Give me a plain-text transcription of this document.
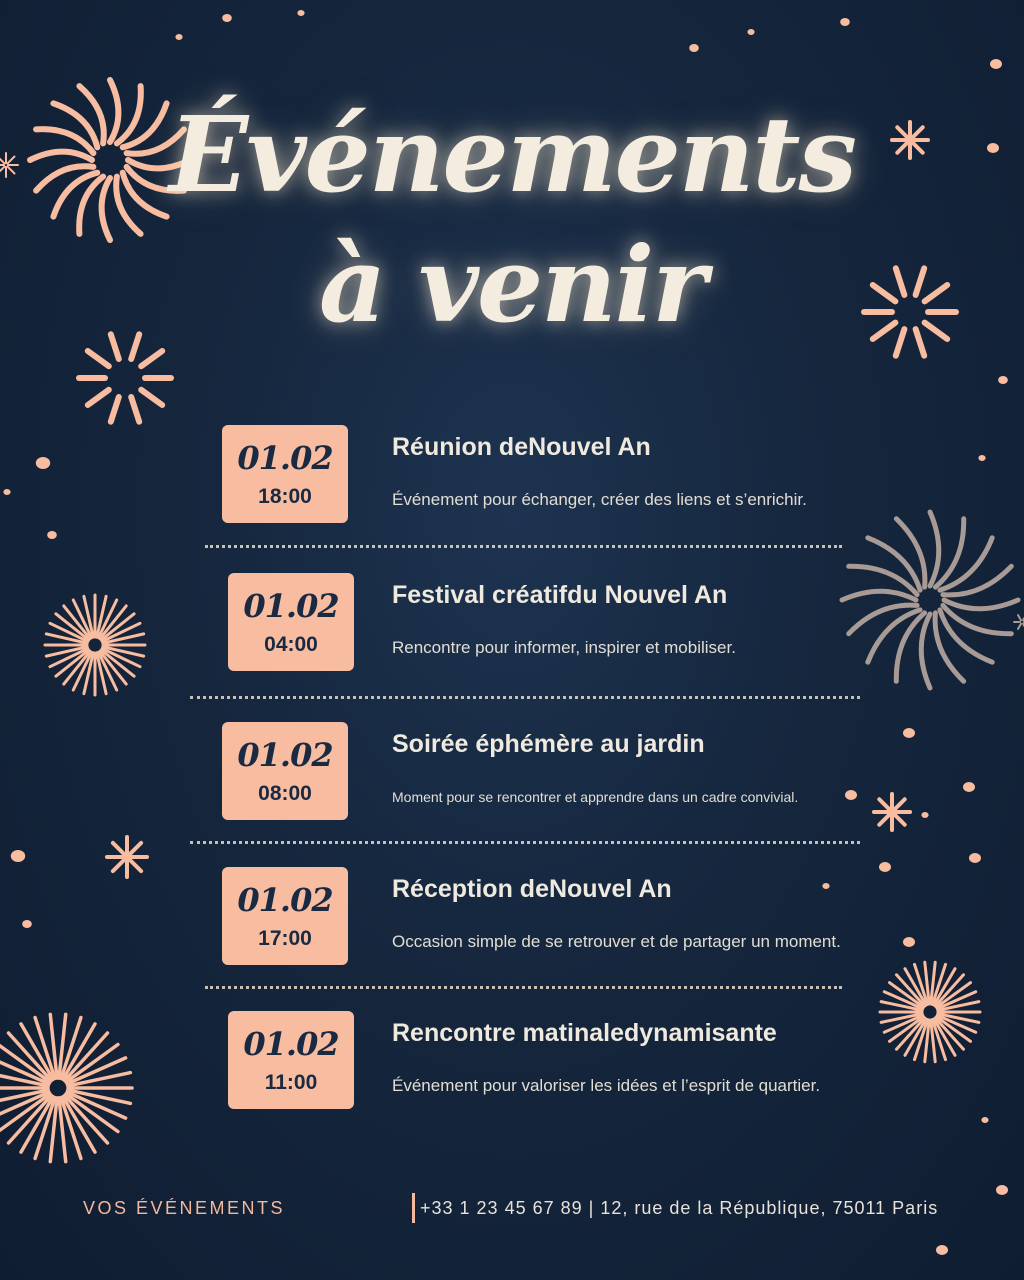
Événements
à venir
01.02
18:00
Réunion deNouvel An
Événement pour échanger, créer des liens et s’enrichir.
01.02
04:00
Festival créatifdu Nouvel An
Rencontre pour informer, inspirer et mobiliser.
01.02
08:00
Soirée éphémère au jardin
Moment pour se rencontrer et apprendre dans un cadre convivial.
01.02
17:00
Réception deNouvel An
Occasion simple de se retrouver et de partager un moment.
01.02
11:00
Rencontre matinaledynamisante
Événement pour valoriser les idées et l’esprit de quartier.
VOS ÉVÉNEMENTS	+33 1 23 45 67 89 | 12, rue de la République, 75011 Paris
